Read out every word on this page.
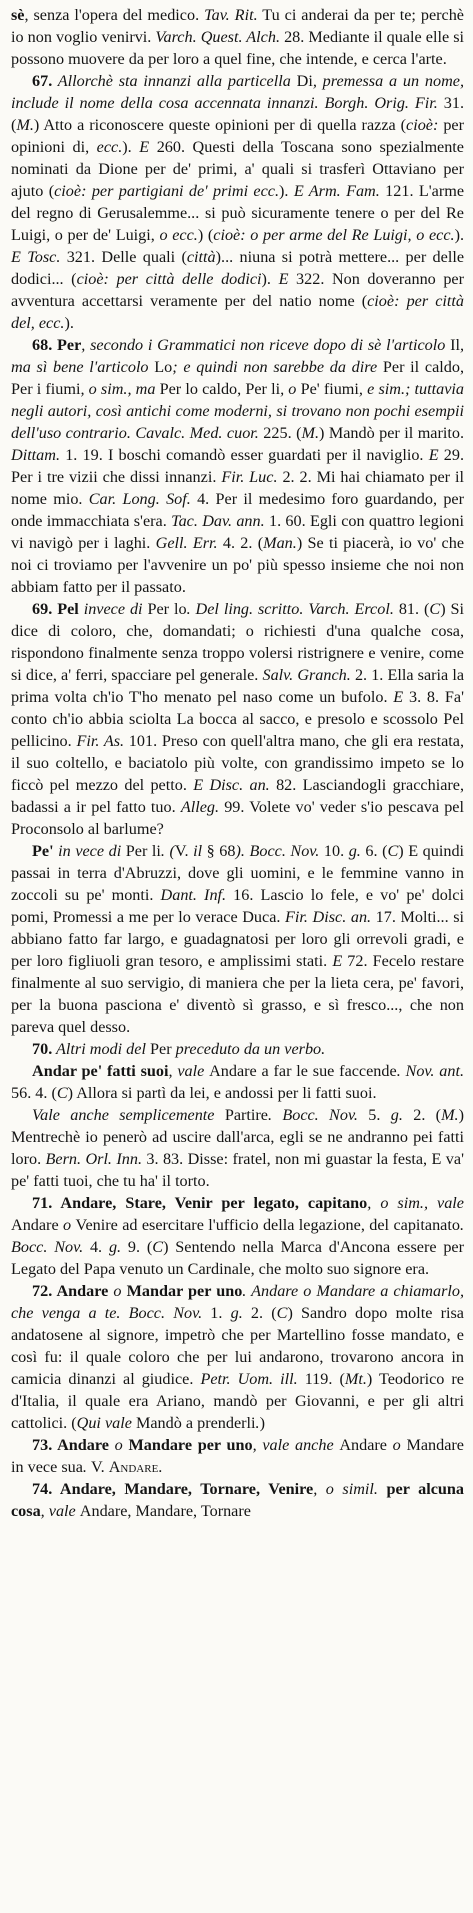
sè, senza l'opera del medico. Tav. Rit. Tu ci anderai da per te; perchè io non voglio venirvi. Varch. Quest. Alch. 28. Mediante il quale elle si possono muovere da per loro a quel fine, che intende, e cerca l'arte.

67. Allorchè sta innanzi alla particella Di, premessa a un nome, include il nome della cosa accennata innanzi. Borgh. Orig. Fir. 31. (M.) Atto a riconoscere queste opinioni per di quella razza (cioè: per opinioni di, ecc.). E 260. Questi della Toscana sono spezialmente nominati da Dione per de' primi, a' quali si trasferì Ottaviano per ajuto (cioè: per partigiani de' primi ecc.). E Arm. Fam. 121. L'arme del regno di Gerusalemme... si può sicuramente tenere o per del Re Luigi, o per de' Luigi, o ecc.) (cioè: o per arme del Re Luigi, o ecc.). E Tosc. 321. Delle quali (città)... niuna si potrà mettere... per delle dodici... (cioè: per città delle dodici). E 322. Non doveranno per avventura accettarsi veramente per del natio nome (cioè: per città del, ecc.).

68. Per, secondo i Grammatici non riceve dopo di sè l'articolo Il, ma sì bene l'articolo Lo; e quindi non sarebbe da dire Per il caldo, Per i fiumi, o sim., ma Per lo caldo, Per li, o Pe' fiumi, e sim.; tuttavia negli autori, così antichi come moderni, si trovano non pochi esempii dell'uso contrario. Cavalc. Med. cuor. 225. (M.) Mandò per il marito. Dittam. 1. 19. I boschi comandò esser guardati per il naviglio. E 29. Per i tre vizii che dissi innanzi. Fir. Luc. 2. 2. Mi hai chiamato per il nome mio. Car. Long. Sof. 4. Per il medesimo foro guardando, per onde immacchiata s'era. Tac. Dav. ann. 1. 60. Egli con quattro legioni vi navigò per i laghi. Gell. Err. 4. 2. (Man.) Se ti piacerà, io vo' che noi ci troviamo per l'avvenire un po' più spesso insieme che noi non abbiam fatto per il passato.

69. Pel invece di Per lo. Del ling. scritto. Varch. Ercol. 81. (C) Si dice di coloro, che, domandati; o richiesti d'una qualche cosa, rispondono finalmente senza troppo volersi ristrignere e venire, come si dice, a' ferri, spacciare pel generale. Salv. Granch. 2. 1. Ella saria la prima volta ch'io T'ho menato pel naso come un bufolo. E 3. 8. Fa' conto ch'io abbia sciolta La bocca al sacco, e presolo e scossolo Pel pellicino. Fir. As. 101. Preso con quell'altra mano, che gli era restata, il suo coltello, e baciatolo più volte, con grandissimo impeto se lo ficcò pel mezzo del petto. E Disc. an. 82. Lasciandogli gracchiare, badassi a ir pel fatto tuo. Alleg. 99. Volete vo' veder s'io pescava pel Proconsolo al barlume?

Pe' in vece di Per li. (V. il § 68). Bocc. Nov. 10. g. 6. (C) E quindi passai in terra d'Abruzzi, dove gli uomini, e le femmine vanno in zoccoli su pe' monti. Dant. Inf. 16. Lascio lo fele, e vo' pe' dolci pomi, Promessi a me per lo verace Duca. Fir. Disc. an. 17. Molti... si abbiano fatto far largo, e guadagnatosi per loro gli orrevoli gradi, e per loro figliuoli gran tesoro, e amplissimi stati. E 72. Fecelo restare finalmente al suo servigio, di maniera che per la lieta cera, pe' favori, per la buona pasciona e' diventò sì grasso, e sì fresco..., che non pareva quel desso.

70. Altri modi del Per preceduto da un verbo.

Andar pe' fatti suoi, vale Andare a far le sue faccende. Nov. ant. 56. 4. (C) Allora si partì da lei, e andossi per li fatti suoi.

Vale anche semplicemente Partire. Bocc. Nov. 5. g. 2. (M.) Mentrechè io penerò ad uscire dall'arca, egli se ne andranno pei fatti loro. Bern. Orl. Inn. 3. 83. Disse: fratel, non mi guastar la festa, E va' pe' fatti tuoi, che tu ha' il torto.

71. Andare, Stare, Venir per legato, capitano, o sim., vale Andare o Venire ad esercitare l'ufficio della legazione, del capitanato. Bocc. Nov. 4. g. 9. (C) Sentendo nella Marca d'Ancona essere per Legato del Papa venuto un Cardinale, che molto suo signore era.

72. Andare o Mandar per uno. Andare o Mandare a chiamarlo, che venga a te. Bocc. Nov. 1. g. 2. (C) Sandro dopo molte risa andatosene al signore, impetrò che per Martellino fosse mandato, e così fu: il quale coloro che per lui andarono, trovarono ancora in camicia dinanzi al giudice. Petr. Uom. ill. 119. (Mt.) Teodorico re d'Italia, il quale era Ariano, mandò per Giovanni, e per gli altri cattolici. (Qui vale Mandò a prenderli.)

73. Andare o Mandare per uno, vale anche Andare o Mandare in vece sua. V. Andare.

74. Andare, Mandare, Tornare, Venire, o simil. per alcuna cosa, vale Andare, Mandare, Tornare
